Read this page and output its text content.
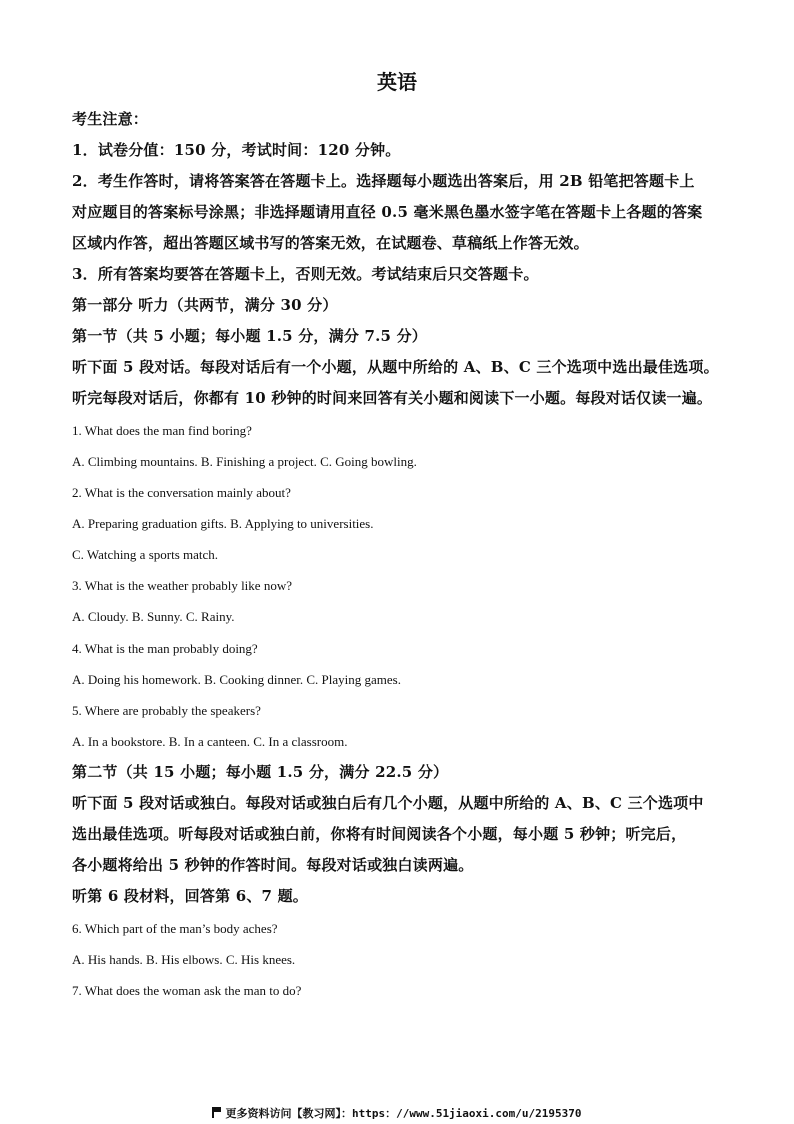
英语
考生注意：
1．试卷分值：150 分，考试时间：120 分钟。
2．考生作答时，请将答案答在答题卡上。选择题每小题选出答案后，用 2B 铅笔把答题卡上
对应题目的答案标号涂黑；非选择题请用直径 0.5 毫米黑色墨水签字笔在答题卡上各题的答案
区域内作答，超出答题区域书写的答案无效，在试题卷、草稿纸上作答无效。
3．所有答案均要答在答题卡上，否则无效。考试结束后只交答题卡。
第一部分 听力（共两节，满分 30 分）
第一节（共 5 小题；每小题 1.5 分，满分 7.5 分）
听下面 5 段对话。每段对话后有一个小题，从题中所给的 A、B、C 三个选项中选出最佳选项。
听完每段对话后，你都有 10 秒钟的时间来回答有关小题和阅读下一小题。每段对话仅读一遍。
1. What does the man find boring?
A. Climbing mountains. B. Finishing a project. C. Going bowling.
2. What is the conversation mainly about?
A. Preparing graduation gifts. B. Applying to universities.
C. Watching a sports match.
3. What is the weather probably like now?
A. Cloudy. B. Sunny. C. Rainy.
4. What is the man probably doing?
A. Doing his homework. B. Cooking dinner. C. Playing games.
5. Where are probably the speakers?
A. In a bookstore. B. In a canteen. C. In a classroom.
第二节（共 15 小题；每小题 1.5 分，满分 22.5 分）
听下面 5 段对话或独白。每段对话或独白后有几个小题，从题中所给的 A、B、C 三个选项中
选出最佳选项。听每段对话或独白前，你将有时间阅读各个小题，每小题 5 秒钟；听完后，
各小题将给出 5 秒钟的作答时间。每段对话或独白读两遍。
听第 6 段材料，回答第 6、7 题。
6. Which part of the man’s body aches?
A. His hands. B. His elbows. C. His knees.
7. What does the woman ask the man to do?
更多资料访问【教习网】：https：//www.51jiaoxi.com/u/2195370
